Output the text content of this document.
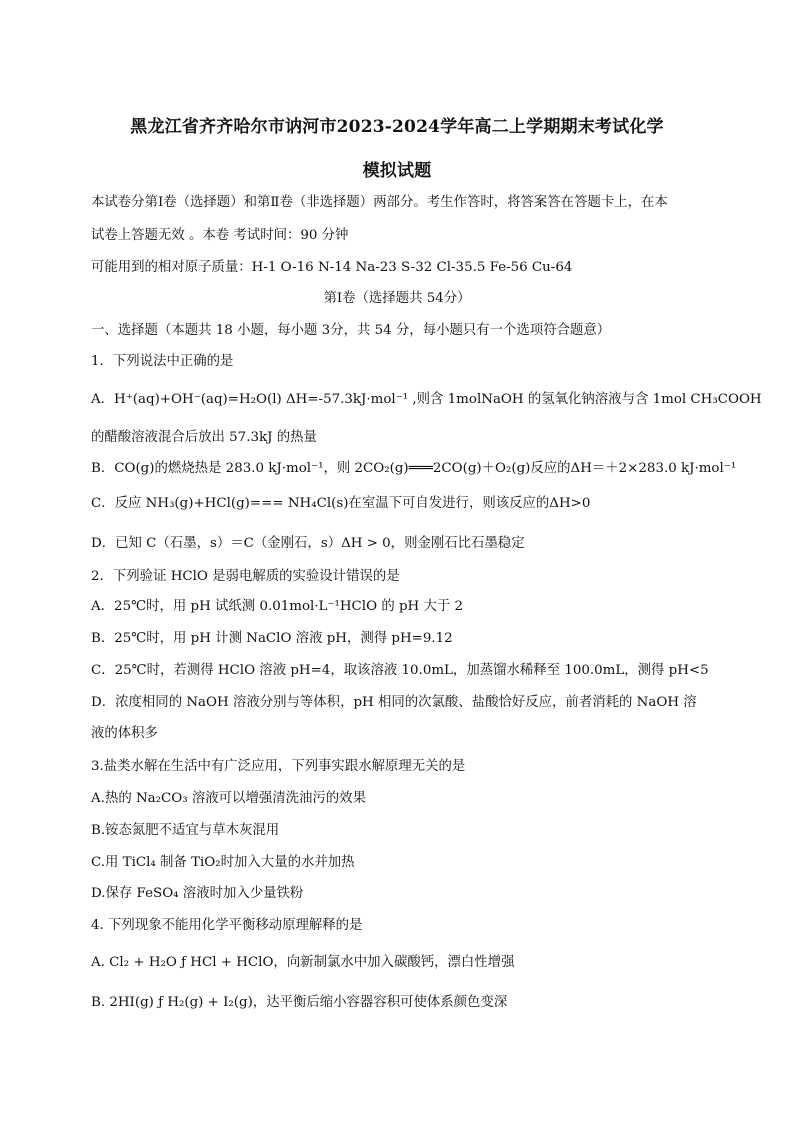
黑龙江省齐齐哈尔市讷河市2023-2024学年高二上学期期末考试化学
模拟试题
本试卷分第Ⅰ卷（选择题）和第Ⅱ卷（非选择题）两部分。考生作答时，将答案答在答题卡上，在本
试卷上答题无效 。本卷 考试时间：90 分钟
可能用到的相对原子质量：H-1 O-16 N-14 Na-23 S-32 Cl-35.5 Fe-56 Cu-64
第Ⅰ卷（选择题共 54分）
一、选择题（本题共 18 小题，每小题 3分，共 54 分，每小题只有一个选项符合题意）
1．下列说法中正确的是
A．H⁺(aq)+OH⁻(aq)=H₂O(l) ΔH=-57.3kJ·mol⁻¹ ,则含 1molNaOH 的氢氧化钠溶液与含 1mol CH₃COOH
的醋酸溶液混合后放出 57.3kJ 的热量
B．CO(g)的燃烧热是 283.0 kJ·mol⁻¹，则 2CO₂(g)═══2CO(g)＋O₂(g)反应的ΔH＝＋2×283.0 kJ·mol⁻¹
C．反应 NH₃(g)+HCl(g)=== NH₄Cl(s)在室温下可自发进行，则该反应的ΔH>0
D．已知 C（石墨，s）＝C（金刚石，s）ΔH > 0，则金刚石比石墨稳定
2．下列验证 HClO 是弱电解质的实验设计错误的是
A．25℃时，用 pH 试纸测 0.01mol·L⁻¹HClO 的 pH 大于 2
B．25℃时，用 pH 计测 NaClO 溶液 pH，测得 pH=9.12
C．25℃时，若测得 HClO 溶液 pH=4，取该溶液 10.0mL，加蒸馏水稀释至 100.0mL，测得 pH<5
D．浓度相同的 NaOH 溶液分别与等体积，pH 相同的次氯酸、盐酸恰好反应，前者消耗的 NaOH 溶
液的体积多
3.盐类水解在生活中有广泛应用，下列事实跟水解原理无关的是
A.热的 Na₂CO₃ 溶液可以增强清洗油污的效果
B.铵态氮肥不适宜与草木灰混用
C.用 TiCl₄ 制备 TiO₂时加入大量的水并加热
D.保存 FeSO₄ 溶液时加入少量铁粉
4. 下列现象不能用化学平衡移动原理解释的是
A. Cl₂ + H₂O ƒ HCl + HClO，向新制氯水中加入碳酸钙，漂白性增强
B. 2HI(g) ƒ H₂(g) + I₂(g)，达平衡后缩小容器容积可使体系颜色变深
